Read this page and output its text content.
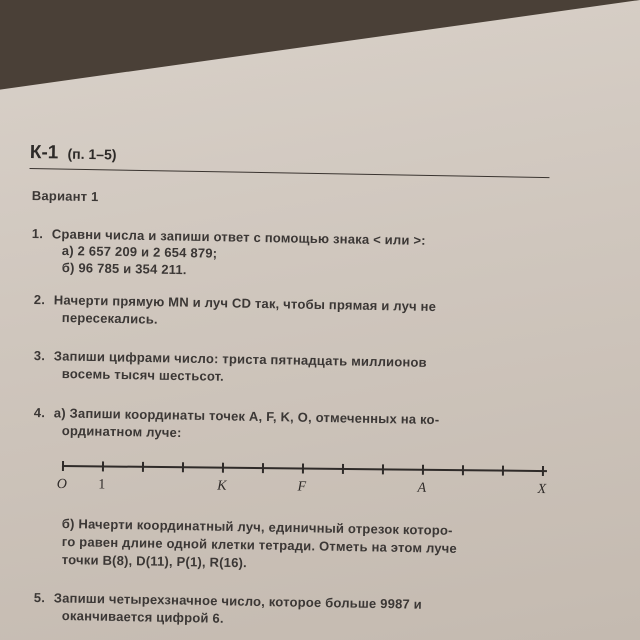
К-1 (п. 1–5)
Вариант 1
1. Сравни числа и запиши ответ с помощью знака < или >:
а) 2 657 209 и 2 654 879;
б) 96 785 и 354 211.
2. Начерти прямую MN и луч CD так, чтобы прямая и луч не
пересекались.
3. Запиши цифрами число: триста пятнадцать миллионов
восемь тысяч шестьсот.
4. а) Запиши координаты точек A, F, K, O, отмеченных на ко-
ординатном луче:
O 1	K	F	A	X
б) Начерти координатный луч, единичный отрезок которо-
го равен длине одной клетки тетради. Отметь на этом луче
точки B(8), D(11), P(1), R(16).
5. Запиши четырехзначное число, которое больше 9987 и
оканчивается цифрой 6.
